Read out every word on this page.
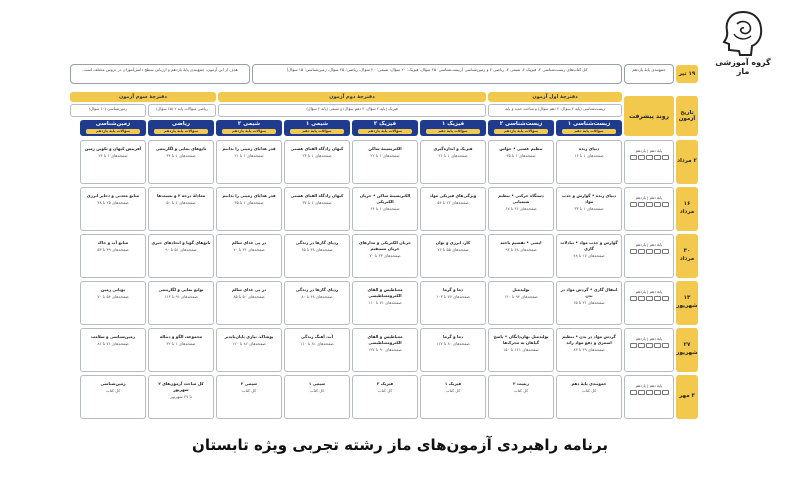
گروه آموزشی ماز
۱۹ تیر
جمع‌بندی پایهٔ یازدهم
کل کتاب‌های زیست‌شناسی ۲، فیزیک ۲، شیمی ۲، ریاضی ۲ و زمین‌شناسی (زیست‌شناسی: ۲۵ سؤال، فیزیک: ۲۰ سؤال، شیمی: ۲۰ سؤال، ریاضی: ۲۵ سؤال، زمین‌شناسی: ۱۵ سؤال)
هدف از این آزمون، جمع‌بندی پایهٔ یازدهم و ارزیابی سطح دانش‌آموزان در دروس مختلف است.
دفترچهٔ اول آزمون
دفترچهٔ دوم آزمون
دفترچهٔ سوم آزمون
زیست‌شناسی (پایه ۲ سؤال، ۲ دهم سؤال) و مباحث جدید و پایه
فیزیک (پایه ۲ سؤال، ۲ دهم سؤال) و شیمی (پایه ۲ سؤال)
ریاضی سؤالات پایه ۲ (۱۵ سؤال)
زمین‌شناسی (۱۰ سؤال)
تاریخ آزمون
روند پیشرفت
زیست‌شناسی ۱
سؤالات پایهٔ دهم
زیست‌شناسی ۲
سؤالات پایهٔ یازدهم
فیزیک ۱
سؤالات پایهٔ دهم
فیزیک ۲
سؤالات پایهٔ یازدهم
شیمی ۱
سؤالات پایهٔ دهم
شیمی ۲
سؤالات پایهٔ یازدهم
ریاضی
سؤالات پایهٔ یازدهم
زمین‌شناسی
سؤالات پایهٔ یازدهم
۲ مرداد
پایهٔ دهم | یازدهم
دنیای زنده
صفحه‌های ۱ تا ۱۶
تنظیم عصبی • حواس
صفحه‌های ۱ تا ۳۵
فیزیک و اندازه‌گیری
صفحه‌های ۱ تا ۲۱
الکتریسیتهٔ ساکن
صفحه‌های ۱ تا ۲۲
کیهان زادگاه الفبای هستی
صفحه‌های ۱ تا ۲۳
قدر هدایای زمینی را بدانیم
صفحه‌های ۱ تا ۲۱
تابع‌های نمایی و لگاریتمی
صفحه‌های ۱ تا ۳۴
آفرینش کیهان و تکوین زمین
صفحه‌های ۱ تا ۲۴
۱۶ مرداد
پایهٔ دهم | یازدهم
دنیای زنده • گوارش و جذب مواد
صفحه‌های ۱ تا ۳۳
دستگاه حرکتی • تنظیم شیمیایی
صفحه‌های ۳۶ تا ۶۷
ویژگی‌های فیزیکی مواد
صفحه‌های ۲۲ تا ۵۴
الکتریسیتهٔ ساکن • جریان الکتریکی
صفحه‌های ۱ تا ۶۴
کیهان زادگاه الفبای هستی
صفحه‌های ۱ تا ۳۷
قدر هدایای زمینی را بدانیم
صفحه‌های ۱ تا ۳۵
معادلهٔ درجه ۲ و نسبت‌ها
صفحه‌های ۱ تا ۵۰
منابع معدنی و ذخایر انرژی
صفحه‌های ۲۵ تا ۳۸
۳۰ مرداد
پایهٔ دهم | یازدهم
گوارش و جذب مواد • تبادلات گازی
صفحه‌های ۱۷ تا ۴۸
ایمنی • تقسیم یاخته
صفحه‌های ۶۸ تا ۹۳
کار، انرژی و توان
صفحه‌های ۵۵ تا ۷۶
جریان الکتریکی و مدارهای جریان مستقیم
صفحه‌های ۳۳ تا ۷۰
ردپای گازها در زندگی
صفحه‌های ۳۸ تا ۶۵
در پی غذای سالم
صفحه‌های ۳۶ تا ۷۰
تابع‌های گویا و اتحادهای جبری
صفحه‌های ۵۱ تا ۹۰
منابع آب و خاک
صفحه‌های ۳۹ تا ۵۳
۱۳ شهریور
پایهٔ دهم | یازدهم
انتقال گازی • گردش مواد در بدن
صفحه‌های ۳۱ تا ۶۵
تولیدمثل
صفحه‌های ۹۴ تا ۱۲۰
دما و گرما
صفحه‌های ۷۷ تا ۱۰۳
مغناطیس و القای الکترومغناطیسی
صفحه‌های ۷۱ تا ۱۱۰
ردپای گازها در زندگی
صفحه‌های ۴۸ تا ۸۰
در پی غذای سالم
صفحه‌های ۵۰ تا ۸۵
توابع نمایی و لگاریتمی
صفحه‌های ۹۱ تا ۱۱۳
پویایی زمین
صفحه‌های ۵۴ تا ۷۰
۲۷ شهریور
پایهٔ دهم | یازدهم
گردش مواد در بدن • تنظیم اسمزی و دفع مواد زائد
صفحه‌های ۴۹ تا ۸۳
تولیدمثل نهان‌دانگان • پاسخ گیاهان به محرک‌ها
صفحه‌های ۱۲۱ تا ۱۵۰
دما و گرما
صفحه‌های ۸۰ تا ۱۱۷
مغناطیس و القای الکترومغناطیسی
صفحه‌های ۹۰ تا ۱۳۷
آب، آهنگ زندگی
صفحه‌های ۸۱ تا ۱۱۰
پوشاک، نیازی پایان‌ناپذیر
صفحه‌های ۸۶ تا ۱۲۰
مجموعه، الگو و دنباله
صفحه‌های ۱ تا ۳۲
زمین‌شناسی و سلامت
صفحه‌های ۷۱ تا ۸۶
۳ مهر
پایهٔ دهم | یازدهم
جمع‌بندی پایهٔ دهم
کل کتاب
زیست ۲
کل کتاب
فیزیک ۱
کل کتاب
فیزیک ۲
کل کتاب
شیمی ۱
کل کتاب
شیمی ۲
کل کتاب
کل مباحث آزمون‌های ۲ شهریور
تا ۲۷ شهریور
زمین‌شناسی
کل کتاب
برنامه راهبردی آزمون‌های ماز رشته تجربی ویژه تابستان
